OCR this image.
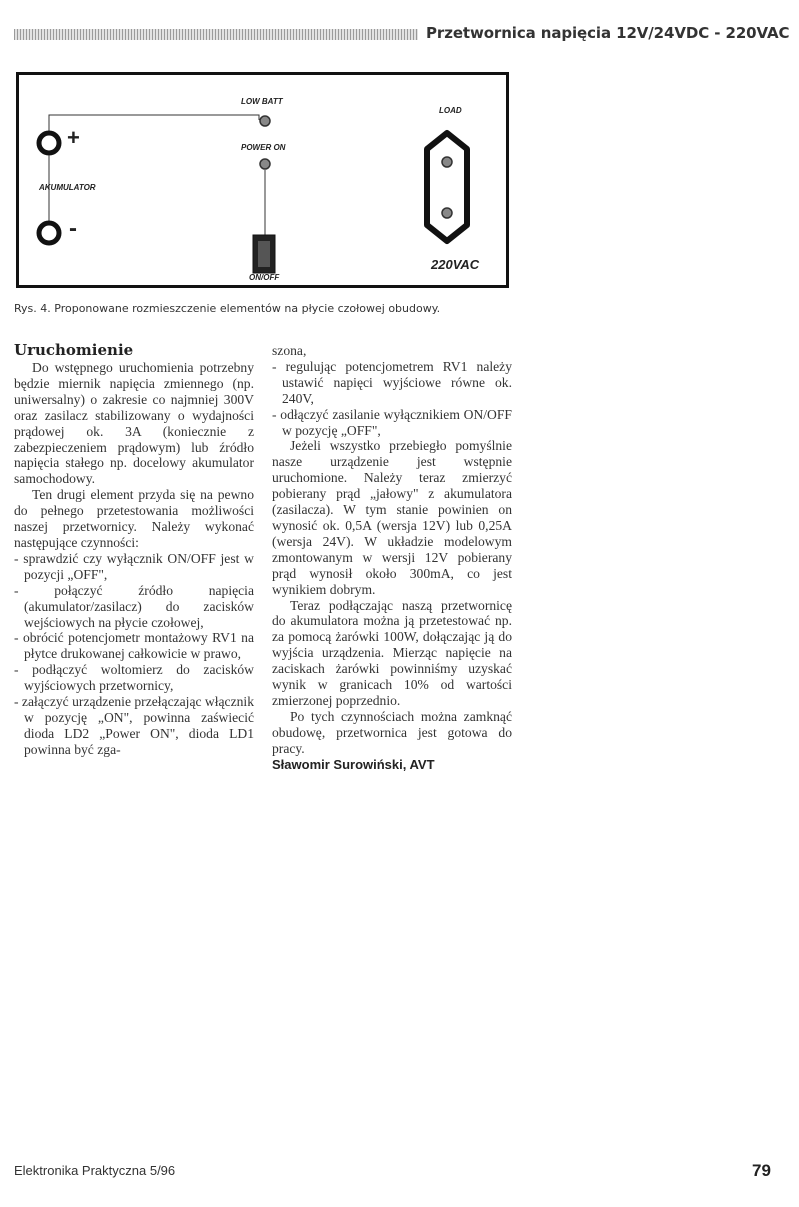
Przetwornica napięcia 12V/24VDC - 220VAC
LOW BATT
POWER ON
LOAD
AKUMULATOR
+
-
ON/OFF
220VAC
Rys. 4. Proponowane rozmieszczenie elementów na płycie czołowej obudowy.
Uruchomienie

Do wstępnego uruchomienia potrzebny będzie miernik napięcia zmiennego (np. uniwersalny) o zakresie co najmniej 300V oraz zasilacz stabilizowany o wydajności prądowej ok. 3A (koniecznie z zabezpieczeniem prądowym) lub źródło napięcia stałego np. docelowy akumulator samochodowy.

Ten drugi element przyda się na pewno do pełnego przetestowania możliwości naszej przetwornicy. Należy wykonać następujące czynności:

- sprawdzić czy wyłącznik ON/OFF jest w pozycji „OFF",

- połączyć źródło napięcia (akumulator/zasilacz) do zacisków wejściowych na płycie czołowej,

- obrócić potencjometr montażowy RV1 na płytce drukowanej całkowicie w prawo,

- podłączyć woltomierz do zacisków wyjściowych przetwornicy,

- załączyć urządzenie przełączając włącznik w pozycję „ON", powinna zaświecić dioda LD2 „Power ON", dioda LD1 powinna być zga-

szona,

- regulując potencjometrem RV1 należy ustawić napięci wyjściowe równe ok. 240V,

- odłączyć zasilanie wyłącznikiem ON/OFF w pozycję „OFF",

Jeżeli wszystko przebiegło pomyślnie nasze urządzenie jest wstępnie uruchomione. Należy teraz zmierzyć pobierany prąd „jałowy" z akumulatora (zasilacza). W tym stanie powinien on wynosić ok. 0,5A (wersja 12V) lub 0,25A (wersja 24V). W układzie modelowym zmontowanym w wersji 12V pobierany prąd wynosił około 300mA, co jest wynikiem dobrym.

Teraz podłączając naszą przetwornicę do akumulatora można ją przetestować np. za pomocą żarówki 100W, dołączając ją do wyjścia urządzenia. Mierząc napięcie na zaciskach żarówki powinniśmy uzyskać wynik w granicach 10% od wartości zmierzonej poprzednio.

Po tych czynnościach można zamknąć obudowę, przetwornica jest gotowa do pracy.

Sławomir Surowiński, AVT

Elektronika Praktyczna 5/96	79
